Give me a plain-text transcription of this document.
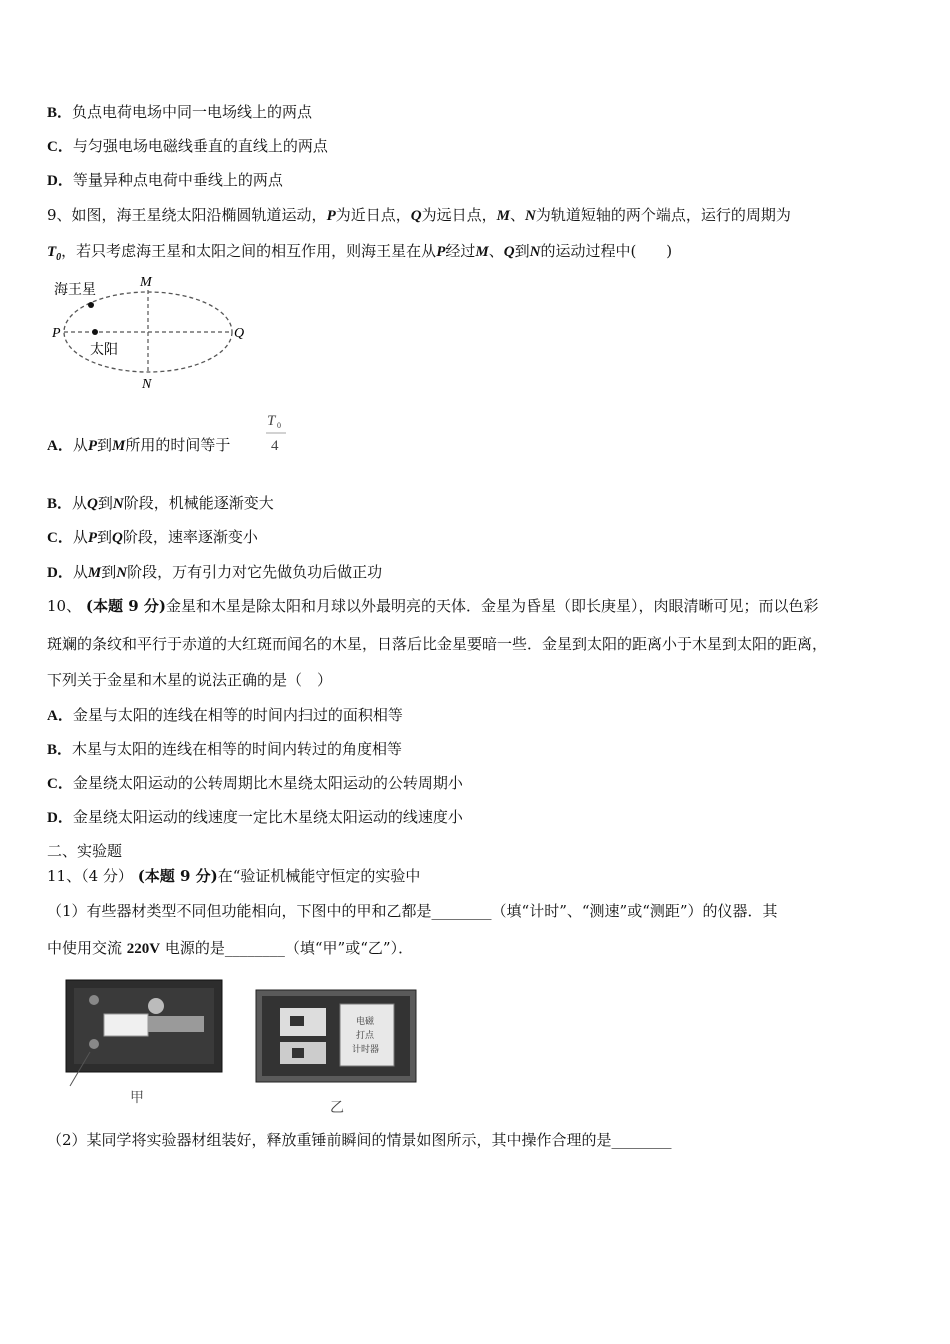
B．负点电荷电场中同一电场线上的两点
C．与匀强电场电磁线垂直的直线上的两点
D．等量异种点电荷中垂线上的两点
9、如图，海王星绕太阳沿椭圆轨道运动，P为近日点，Q为远日点，M、N为轨道短轴的两个端点，运行的周期为
$T_0$，若只考虑海王星和太阳之间的相互作用，则海王星在从P经过M、Q到N的运动过程中(　　)
海王星
太阳
M
N
P	Q
A．从P到M所用的时间等于
T 0
4
B．从Q到N阶段，机械能逐渐变大
C．从P到Q阶段，速率逐渐变小
D．从M到N阶段，万有引力对它先做负功后做正功
10、 (本题 9 分)金星和木星是除太阳和月球以外最明亮的天体．金星为昏星（即长庚星），肉眼清晰可见；而以色彩
斑斓的条纹和平行于赤道的大红斑而闻名的木星，日落后比金星要暗一些．金星到太阳的距离小于木星到太阳的距离，
下列关于金星和木星的说法正确的是（　）
A．金星与太阳的连线在相等的时间内扫过的面积相等
B．木星与太阳的连线在相等的时间内转过的角度相等
C．金星绕太阳运动的公转周期比木星绕太阳运动的公转周期小
D．金星绕太阳运动的线速度一定比木星绕太阳运动的线速度小
二、实验题
11、（4 分） (本题 9 分)在“验证机械能守恒定的实验中
（1）有些器材类型不同但功能相向，下图中的甲和乙都是________（填“计时”、“测速”或“测距”）的仪器．其
中使用交流 220V 电源的是________（填“甲”或“乙”）．
甲
电磁
打点
计时器
乙
（2）某同学将实验器材组装好，释放重锤前瞬间的情景如图所示，其中操作合理的是________
